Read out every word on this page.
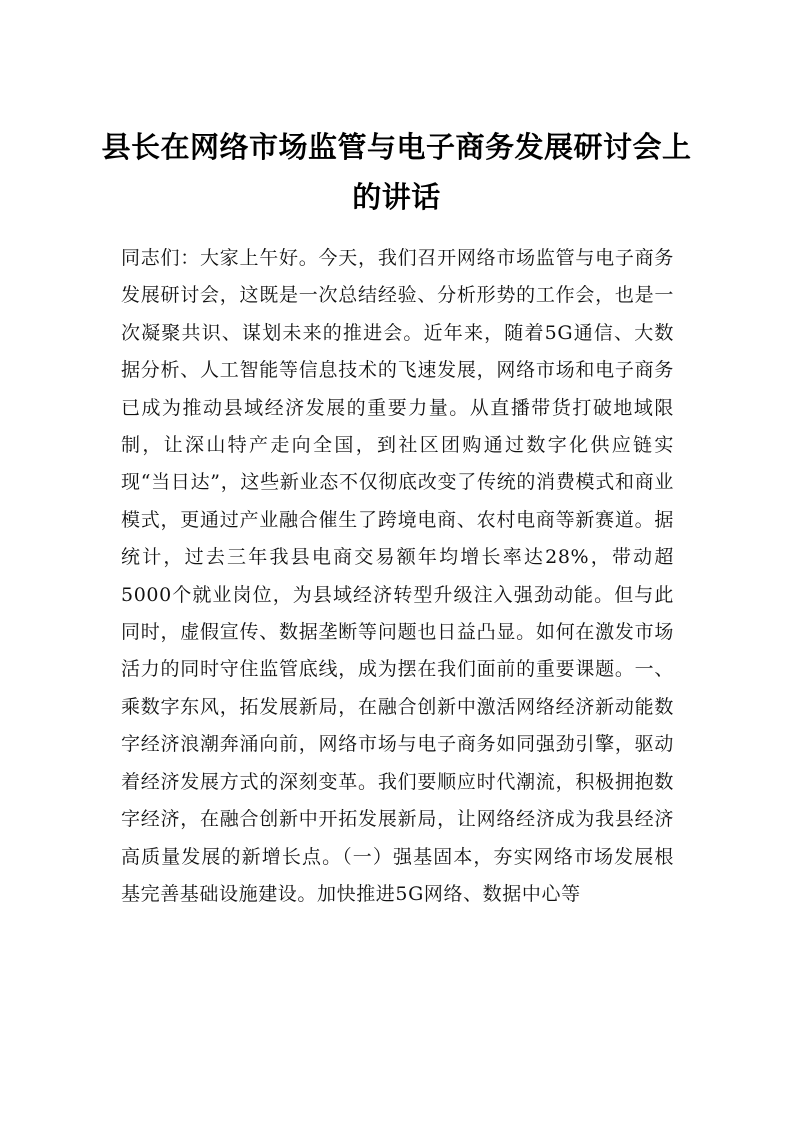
县长在网络市场监管与电子商务发展研讨会上的讲话

同志们：大家上午好。今天，我们召开网络市场监管与电子商务发展研讨会，这既是一次总结经验、分析形势的工作会，也是一次凝聚共识、谋划未来的推进会。近年来，随着5G通信、大数据分析、人工智能等信息技术的飞速发展，网络市场和电子商务已成为推动县域经济发展的重要力量。从直播带货打破地域限制，让深山特产走向全国，到社区团购通过数字化供应链实现“当日达”，这些新业态不仅彻底改变了传统的消费模式和商业模式，更通过产业融合催生了跨境电商、农村电商等新赛道。据统计，过去三年我县电商交易额年均增长率达28%，带动超5000个就业岗位，为县域经济转型升级注入强劲动能。但与此同时，虚假宣传、数据垄断等问题也日益凸显。如何在激发市场活力的同时守住监管底线，成为摆在我们面前的重要课题。一、乘数字东风，拓发展新局，在融合创新中激活网络经济新动能数字经济浪潮奔涌向前，网络市场与电子商务如同强劲引擎，驱动着经济发展方式的深刻变革。我们要顺应时代潮流，积极拥抱数字经济，在融合创新中开拓发展新局，让网络经济成为我县经济高质量发展的新增长点。（一）强基固本，夯实网络市场发展根基完善基础设施建设。加快推进5G网络、数据中心等
